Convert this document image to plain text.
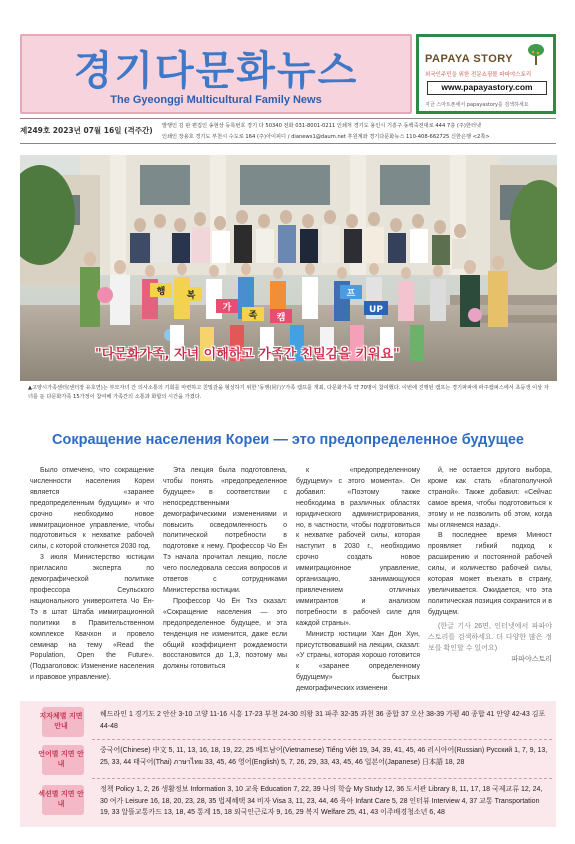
경기다문화뉴스
The Gyeonggi Multicultural Family News
PAPAYA STORY
외국인주민을 위한 전문쇼핑몰 파파야스토리
www.papayastory.com
지금 스마트폰에서 papayastory를 검색하세요
제249호 2023년 07월 16일 (격주간) 발행인 김 판 편집인 송현상 등록번호 경기 다 50340 전화 031-8001-0211 인쇄처 경기도 용인시 기흥구 동백죽전대로 444 7층 (주)한터넷
인쇄인 장용호 경기도 부천시 수도로 164 (주)아이피디 / dianews1@daum.net 후원계좌 경기다문화뉴스 110-408-662725 신한은행 <2쪽>
행 복
가
족 캠
프
UP
"다문화가족, 자녀 이해하고 가족간 친밀감을 키워요"
▲고양시가족센터(센터장 유호연)는 부모자녀 간 의사소통의 기회를 마련하고 친밀감을 형성하기 위한 '동행(同行)'가족 캠프를 개최, 다문화가족 약 70명이 참여했다. 이번에 진행된 캠프는 경기파파에 파주캠퍼스에서 초등생 이상 자녀를 둔 다문화가족 15가정이 참여해 가족간의 소통과 화합의 시간을 가졌다.
Сокращение населения Кореи — это предопределенное будущее

Было отмечено, что сокращение численности населения Кореи является «заранее предопределенным будущим» и что срочно необходимо новое иммиграционное управление, чтобы подготовиться к нехватке рабочей силы, с которой столкнется 2030 год.

3 июля Министерство юстиции пригласило эксперта по демографической политике профессора Сеульского национального университета Чо Ён-Тэ в штат Штаба иммиграционной политики в Правительственном комплексе Квачхон и провело семинар на тему «Read the Population, Open the Future». (Подзаголовок: Изменение населения и правовое управление).

Эта лекция была подготовлена, чтобы понять «предопределенное будущее» в соответствии с непосредственными демографическими изменениями и повысить осведомленность о политической потребности в подготовке к нему. Профессор Чо Ён Тэ начала прочитал лекцию, после чего последовала сессия вопросов и ответов с сотрудниками Министерства юстиции.

Профессор Чо Ён Тхэ сказал: «Сокращение населения — это предопределенное будущее, и эта тенденция не изменится, даже если общий коэффициент рождаемости восстановится до 1,3, поэтому мы должны готовиться

к «предопределенному будущему» с этого момента». Он добавил: «Поэтому также необходима в различных областях юридического администрирования, но, в частности, чтобы подготовиться к нехватке рабочей силы, которая наступит в 2030 г., необходимо срочно создать новое иммиграционное управление, организацию, занимающуюся привлечением отличных иммигрантов и анализом потребности в рабочей силе для каждой страны».

Министр юстиции Хан Дон Хун, присутствовавший на лекции, сказал: «У страны, которая хорошо готовится к «заранее определенному будущему» быстрых демографических изменени

й, не остается другого выбора, кроме как стать «благополучной страной». Также добавил: «Сейчас самое время, чтобы подготовиться к этому и не позволить об этом, когда мы оглянемся назад».

В последнее время Минюст проявляет гибкий подход к расширению и постоянной рабочей силы, и количество рабочей силы, которая может въехать в страну, увеличивается. Ожидается, что эта политическая позиция сохранится и в будущем.

(한글 기사 26면, 인터넷에서 파파야스토리를 검색하세요. 더 다양한 많은 정보를 확인할 수 있어요)
파파야스토리
지자체별 지면 안내
헤드라인 1 경기도 2 안산 3-10 고양 11-16 시흥 17-23 부천 24-30 의왕 31 파주 32-35 과천 36 종합 37 오산 38-39 가평 40 종합 41 안양 42-43 김포 44-48
언어별 지면 안내
중국어(Chinese) 中文 5, 11, 13, 16, 18, 19, 22, 25 베트남어(Vietnamese) Tiếng Việt 19, 34, 39, 41, 45, 46 러시아어(Russian) Русский 1, 7, 9, 13, 25, 33, 44 태국어(Thai) ภาษาไทย 33, 45, 46 영어(English) 5, 7, 26, 29, 33, 43, 45, 46 일본어(Japanese) 日本語 18, 28
섹션별 지면 안내
정책 Policy 1, 2, 26 생활정보 Information 3, 10 교육 Education 7, 22, 39 나의 학습 My Study 12, 36 도서관 Library 8, 11, 17, 18 국제교류 12, 24, 30 여가 Leisure 16, 18, 20, 23, 28, 35 법제혜택 34 비자 Visa 3, 11, 23, 44, 46 육아 Infant Care 5, 28 인터뷰 Interview 4, 37 교통 Transportation 19, 33 알뜰교통카드 13, 18, 45 통계 15, 18 외국인근로자 9, 16, 29 복지 Welfare 25, 41, 43 이주배경청소년 6, 48
